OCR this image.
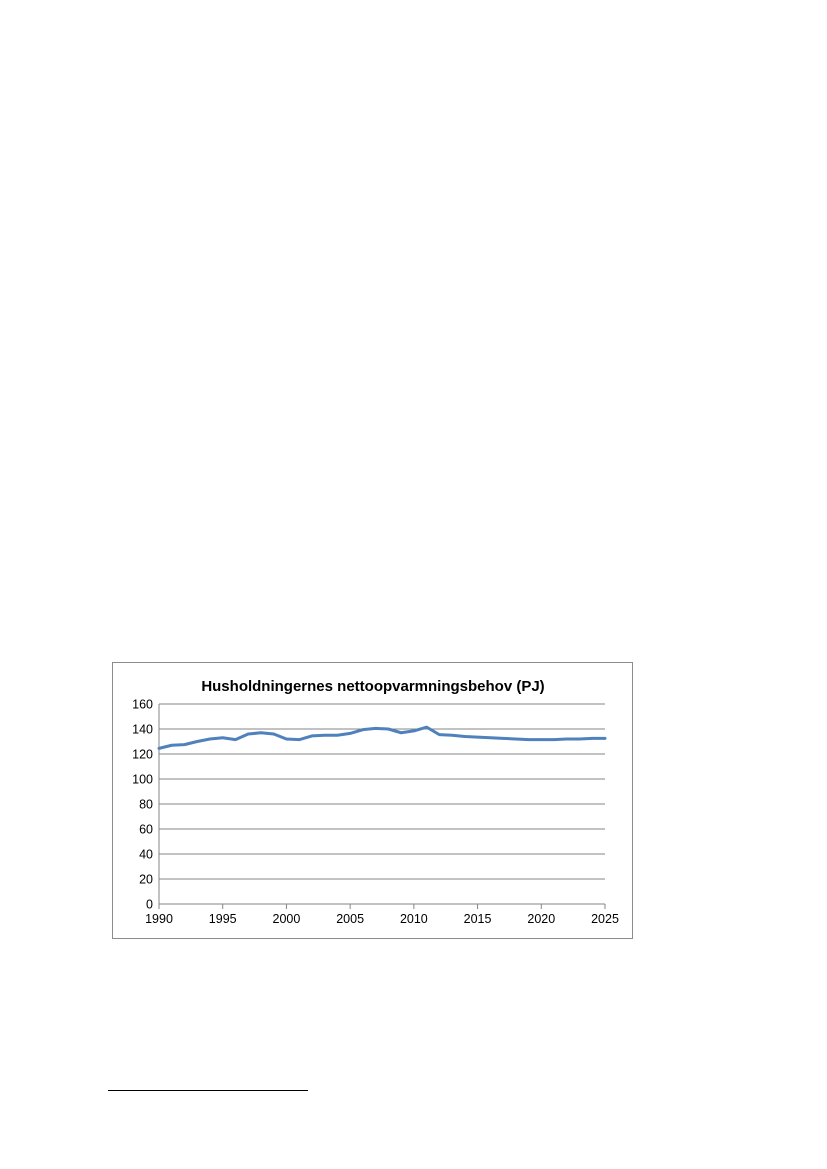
Husholdningernes nettoopvarmningsbehov (PJ)
0
20
40
60
80
100
120
140
160
1990	1995	2000	2005	2010	2015	2020	2025
